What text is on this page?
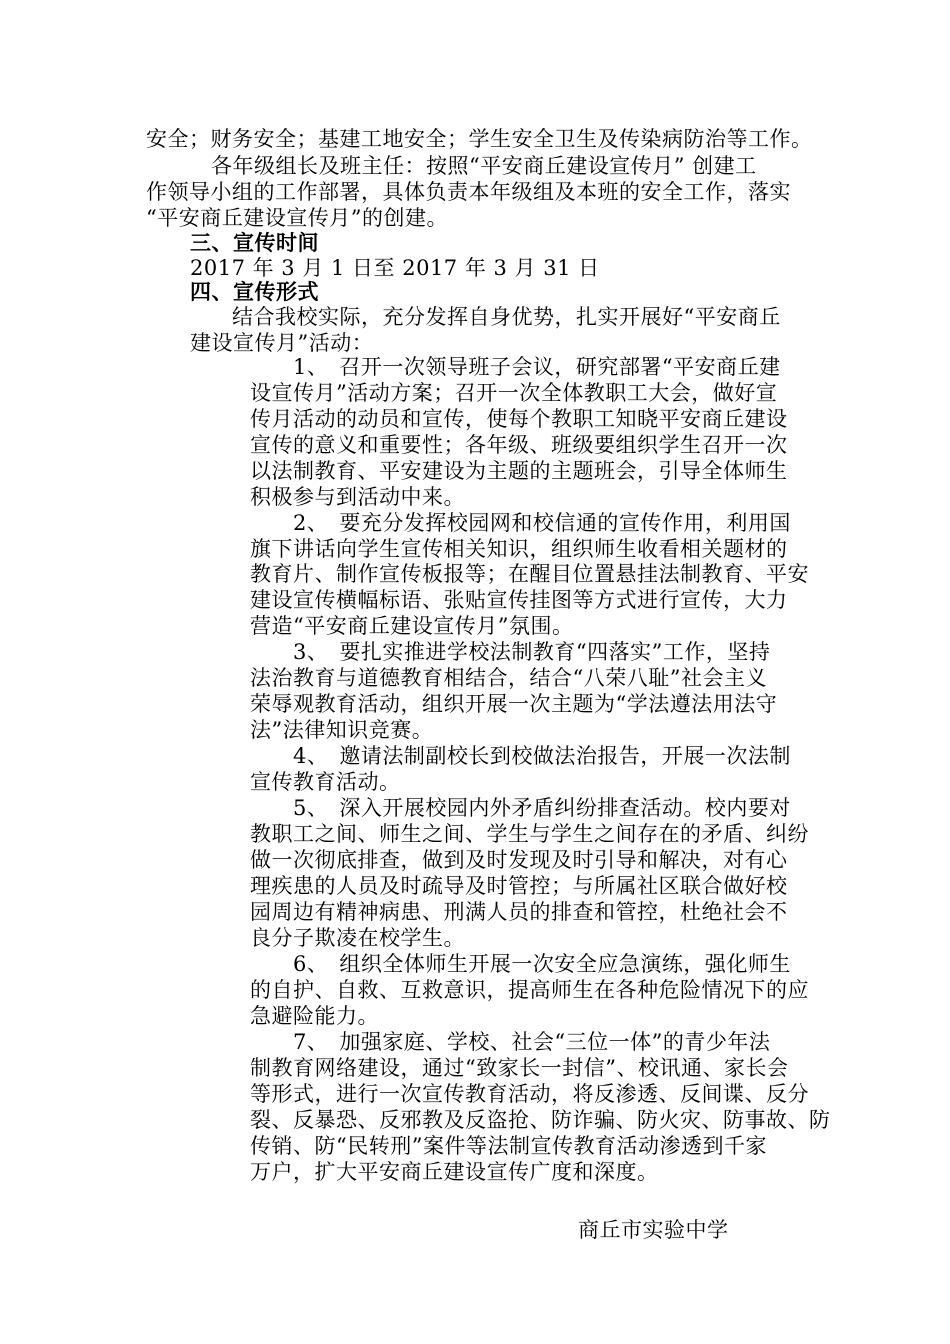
安全；财务安全；基建工地安全；学生安全卫生及传染病防治等工作。
各年级组长及班主任：按照“平安商丘建设宣传月” 创建工
作领导小组的工作部署，具体负责本年级组及本班的安全工作，落实
“平安商丘建设宣传月”的创建。
三、宣传时间
2017 年 3 月 1 日至 2017 年 3 月 31 日
四、宣传形式
结合我校实际，充分发挥自身优势，扎实开展好“平安商丘
建设宣传月”活动：
1、　召开一次领导班子会议，研究部署“平安商丘建
设宣传月”活动方案；召开一次全体教职工大会，做好宣
传月活动的动员和宣传，使每个教职工知晓平安商丘建设
宣传的意义和重要性；各年级、班级要组织学生召开一次
以法制教育、平安建设为主题的主题班会，引导全体师生
积极参与到活动中来。
2、　要充分发挥校园网和校信通的宣传作用，利用国
旗下讲话向学生宣传相关知识，组织师生收看相关题材的
教育片、制作宣传板报等；在醒目位置悬挂法制教育、平安
建设宣传横幅标语、张贴宣传挂图等方式进行宣传，大力
营造“平安商丘建设宣传月”氛围。
3、　要扎实推进学校法制教育“四落实”工作，坚持
法治教育与道德教育相结合，结合“八荣八耻”社会主义
荣辱观教育活动，组织开展一次主题为“学法遵法用法守
法”法律知识竞赛。
4、　邀请法制副校长到校做法治报告，开展一次法制
宣传教育活动。
5、　深入开展校园内外矛盾纠纷排查活动。校内要对
教职工之间、师生之间、学生与学生之间存在的矛盾、纠纷
做一次彻底排查，做到及时发现及时引导和解决，对有心
理疾患的人员及时疏导及时管控；与所属社区联合做好校
园周边有精神病患、刑满人员的排查和管控，杜绝社会不
良分子欺凌在校学生。
6、　组织全体师生开展一次安全应急演练，强化师生
的自护、自救、互救意识，提高师生在各种危险情况下的应
急避险能力。
7、　加强家庭、学校、社会“三位一体”的青少年法
制教育网络建设，通过“致家长一封信”、校讯通、家长会
等形式，进行一次宣传教育活动，将反渗透、反间谍、反分
裂、反暴恐、反邪教及反盗抢、防诈骗、防火灾、防事故、防
传销、防“民转刑”案件等法制宣传教育活动渗透到千家
万户，扩大平安商丘建设宣传广度和深度。
商丘市实验中学
